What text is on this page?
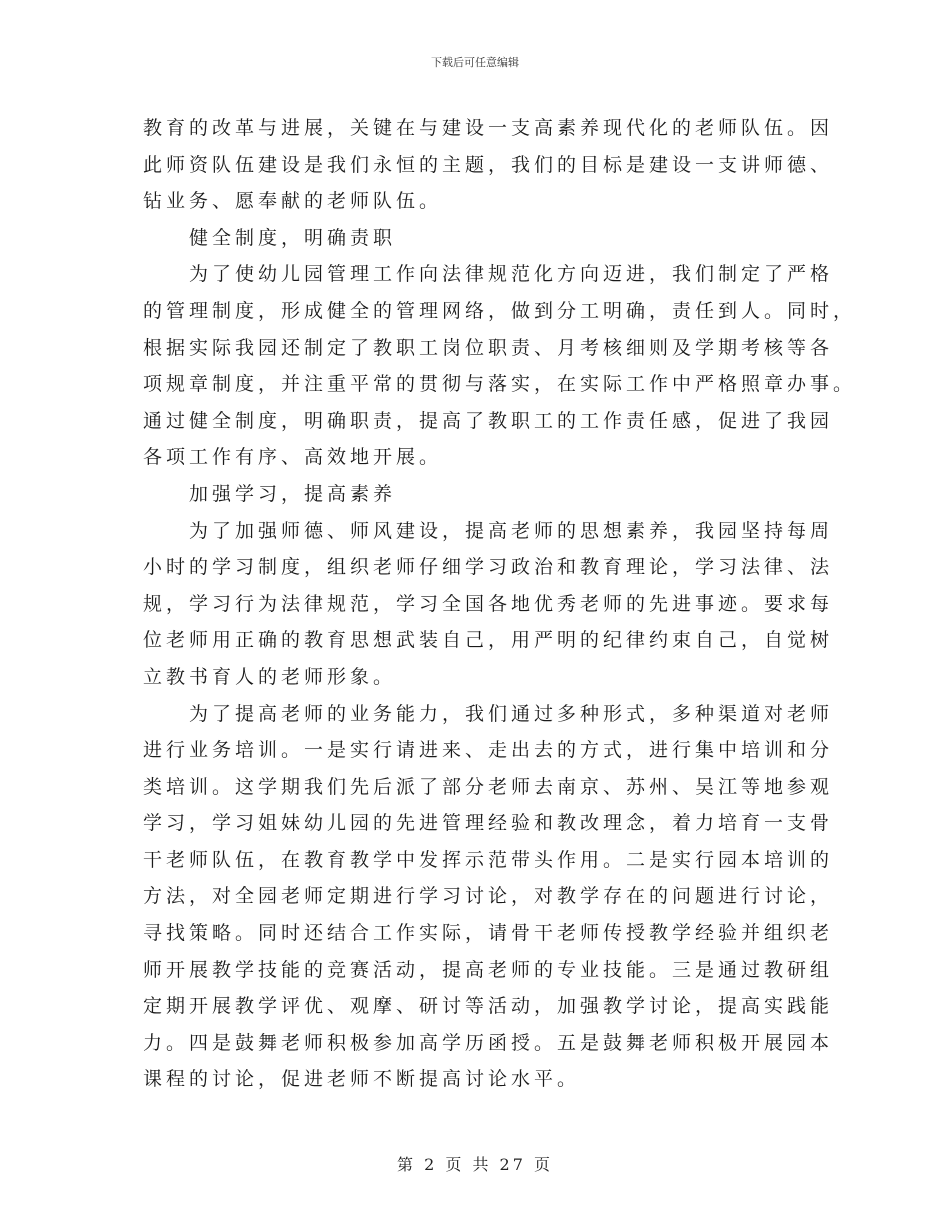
下载后可任意编辑
教育的改革与进展，关键在与建设一支高素养现代化的老师队伍。因
此师资队伍建设是我们永恒的主题，我们的目标是建设一支讲师德、
钻业务、愿奉献的老师队伍。
健全制度，明确责职
为了使幼儿园管理工作向法律规范化方向迈进，我们制定了严格
的管理制度，形成健全的管理网络，做到分工明确，责任到人。同时，
根据实际我园还制定了教职工岗位职责、月考核细则及学期考核等各
项规章制度，并注重平常的贯彻与落实，在实际工作中严格照章办事。
通过健全制度，明确职责，提高了教职工的工作责任感，促进了我园
各项工作有序、高效地开展。
加强学习，提高素养
为了加强师德、师风建设，提高老师的思想素养，我园坚持每周
小时的学习制度，组织老师仔细学习政治和教育理论，学习法律、法
规，学习行为法律规范，学习全国各地优秀老师的先进事迹。要求每
位老师用正确的教育思想武装自己，用严明的纪律约束自己，自觉树
立教书育人的老师形象。
为了提高老师的业务能力，我们通过多种形式，多种渠道对老师
进行业务培训。一是实行请进来、走出去的方式，进行集中培训和分
类培训。这学期我们先后派了部分老师去南京、苏州、吴江等地参观
学习，学习姐妹幼儿园的先进管理经验和教改理念，着力培育一支骨
干老师队伍，在教育教学中发挥示范带头作用。二是实行园本培训的
方法，对全园老师定期进行学习讨论，对教学存在的问题进行讨论，
寻找策略。同时还结合工作实际，请骨干老师传授教学经验并组织老
师开展教学技能的竞赛活动，提高老师的专业技能。三是通过教研组
定期开展教学评优、观摩、研讨等活动，加强教学讨论，提高实践能
力。四是鼓舞老师积极参加高学历函授。五是鼓舞老师积极开展园本
课程的讨论，促进老师不断提高讨论水平。
第 2 页 共 27 页
